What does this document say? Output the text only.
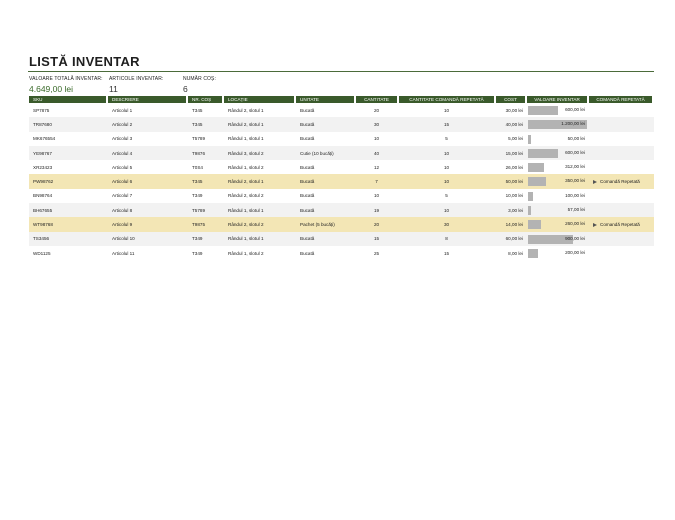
LISTĂ INVENTAR
VALOARE TOTALĂ INVENTAR:
4.649,00 lei
ARTICOLE INVENTAR:
11
NUMĂR COȘ:
6
SKU	DESCRIERE	NR. COȘ	LOCAȚIE	UNITATE	CANTITATE	CANTITATE COMANDĂ REPETATĂ	COST	VALOARE INVENTAR	COMANDĂ REPETATĂ
SP7875	Articolul 1	T345	Rândul 2, slotul 1	Bucată	20	10	30,00 lei	600,00 lei	

TR87680	Articolul 2	T345	Rândul 2, slotul 1	Bucată	30	15	40,00 lei	1.200,00 lei	

MK676554	Articolul 3	T5789	Rândul 1, slotul 1	Bucată	10	5	5,00 lei	50,00 lei	

YE98767	Articolul 4	T9876	Rândul 3, slotul 2	Cutie (10 bucăți)	40	10	15,00 lei	600,00 lei	

XR23423	Articolul 5	T0S4	Rândul 1, slotul 2	Bucată	12	10	26,00 lei	312,00 lei	

PW98762	Articolul 6	T345	Rândul 2, slotul 1	Bucată	7	10	50,00 lei	350,00 lei	Comandă Repetată
BN98764	Articolul 7	T349	Rândul 2, slotul 2	Bucată	10	5	10,00 lei	100,00 lei	

BH67655	Articolul 8	T5789	Rândul 1, slotul 1	Bucată	19	10	3,00 lei	57,00 lei	

WT98768	Articolul 9	T9875	Rândul 2, slotul 2	Pachet (5 bucăți)	20	30	14,00 lei	260,00 lei	Comandă Repetată
TS3456	Articolul 10	T349	Rândul 1, slotul 1	Bucată	15	8	60,00 lei	900,00 lei	

WD1125	Articolul 11	T349	Rândul 1, slotul 2	Bucată	25	15	8,00 lei	200,00 lei	
